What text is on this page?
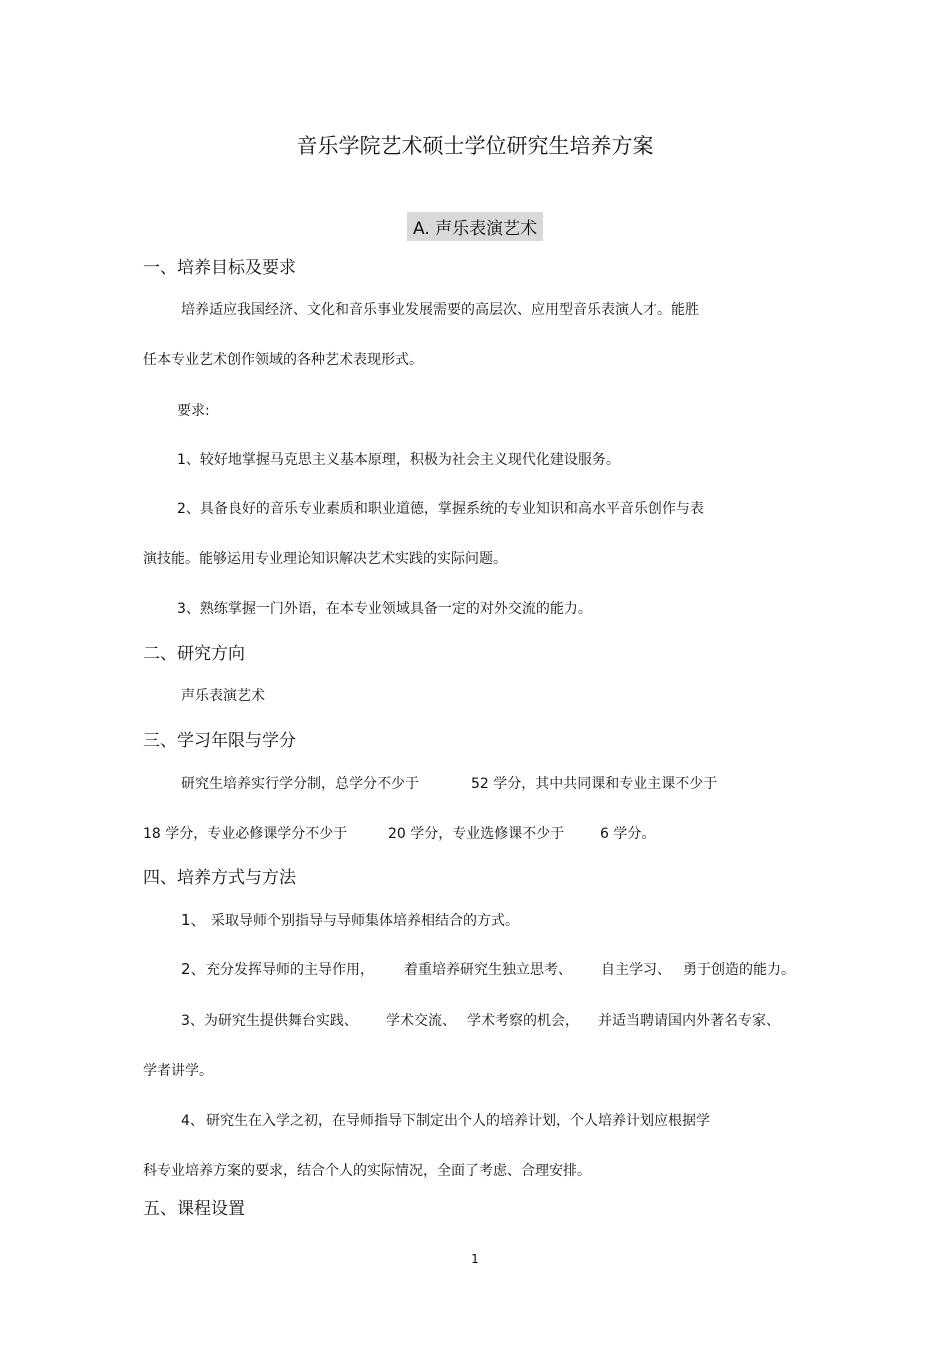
音乐学院艺术硕士学位研究生培养方案
A. 声乐表演艺术
一、培养目标及要求
培养适应我国经济、文化和音乐事业发展需要的高层次、应用型音乐表演人才。能胜
任本专业艺术创作领域的各种艺术表现形式。
要求:
1、较好地掌握马克思主义基本原理，积极为社会主义现代化建设服务。
2、具备良好的音乐专业素质和职业道德，掌握系统的专业知识和高水平音乐创作与表
演技能。能够运用专业理论知识解决艺术实践的实际问题。
3、熟练掌握一门外语，在本专业领域具备一定的对外交流的能力。
二、研究方向
声乐表演艺术
三、学习年限与学分
研究生培养实行学分制，总学分不少于	52 学分，其中共同课和专业主课不少于
18 学分，专业必修课学分不少于	20 学分，专业选修课不少于	6 学分。
四、培养方式与方法
1、 采取导师个别指导与导师集体培养相结合的方式。
2、 充分发挥导师的主导作用， 着重培养研究生独立思考、 自主学习、 勇于创造的能力。
3、为研究生提供舞台实践、 学术交流、 学术考察的机会， 并适当聘请国内外著名专家、
学者讲学。
4、 研究生在入学之初，在导师指导下制定出个人的培养计划，个人培养计划应根据学
科专业培养方案的要求，结合个人的实际情况，全面了考虑、合理安排。
五、课程设置
1
